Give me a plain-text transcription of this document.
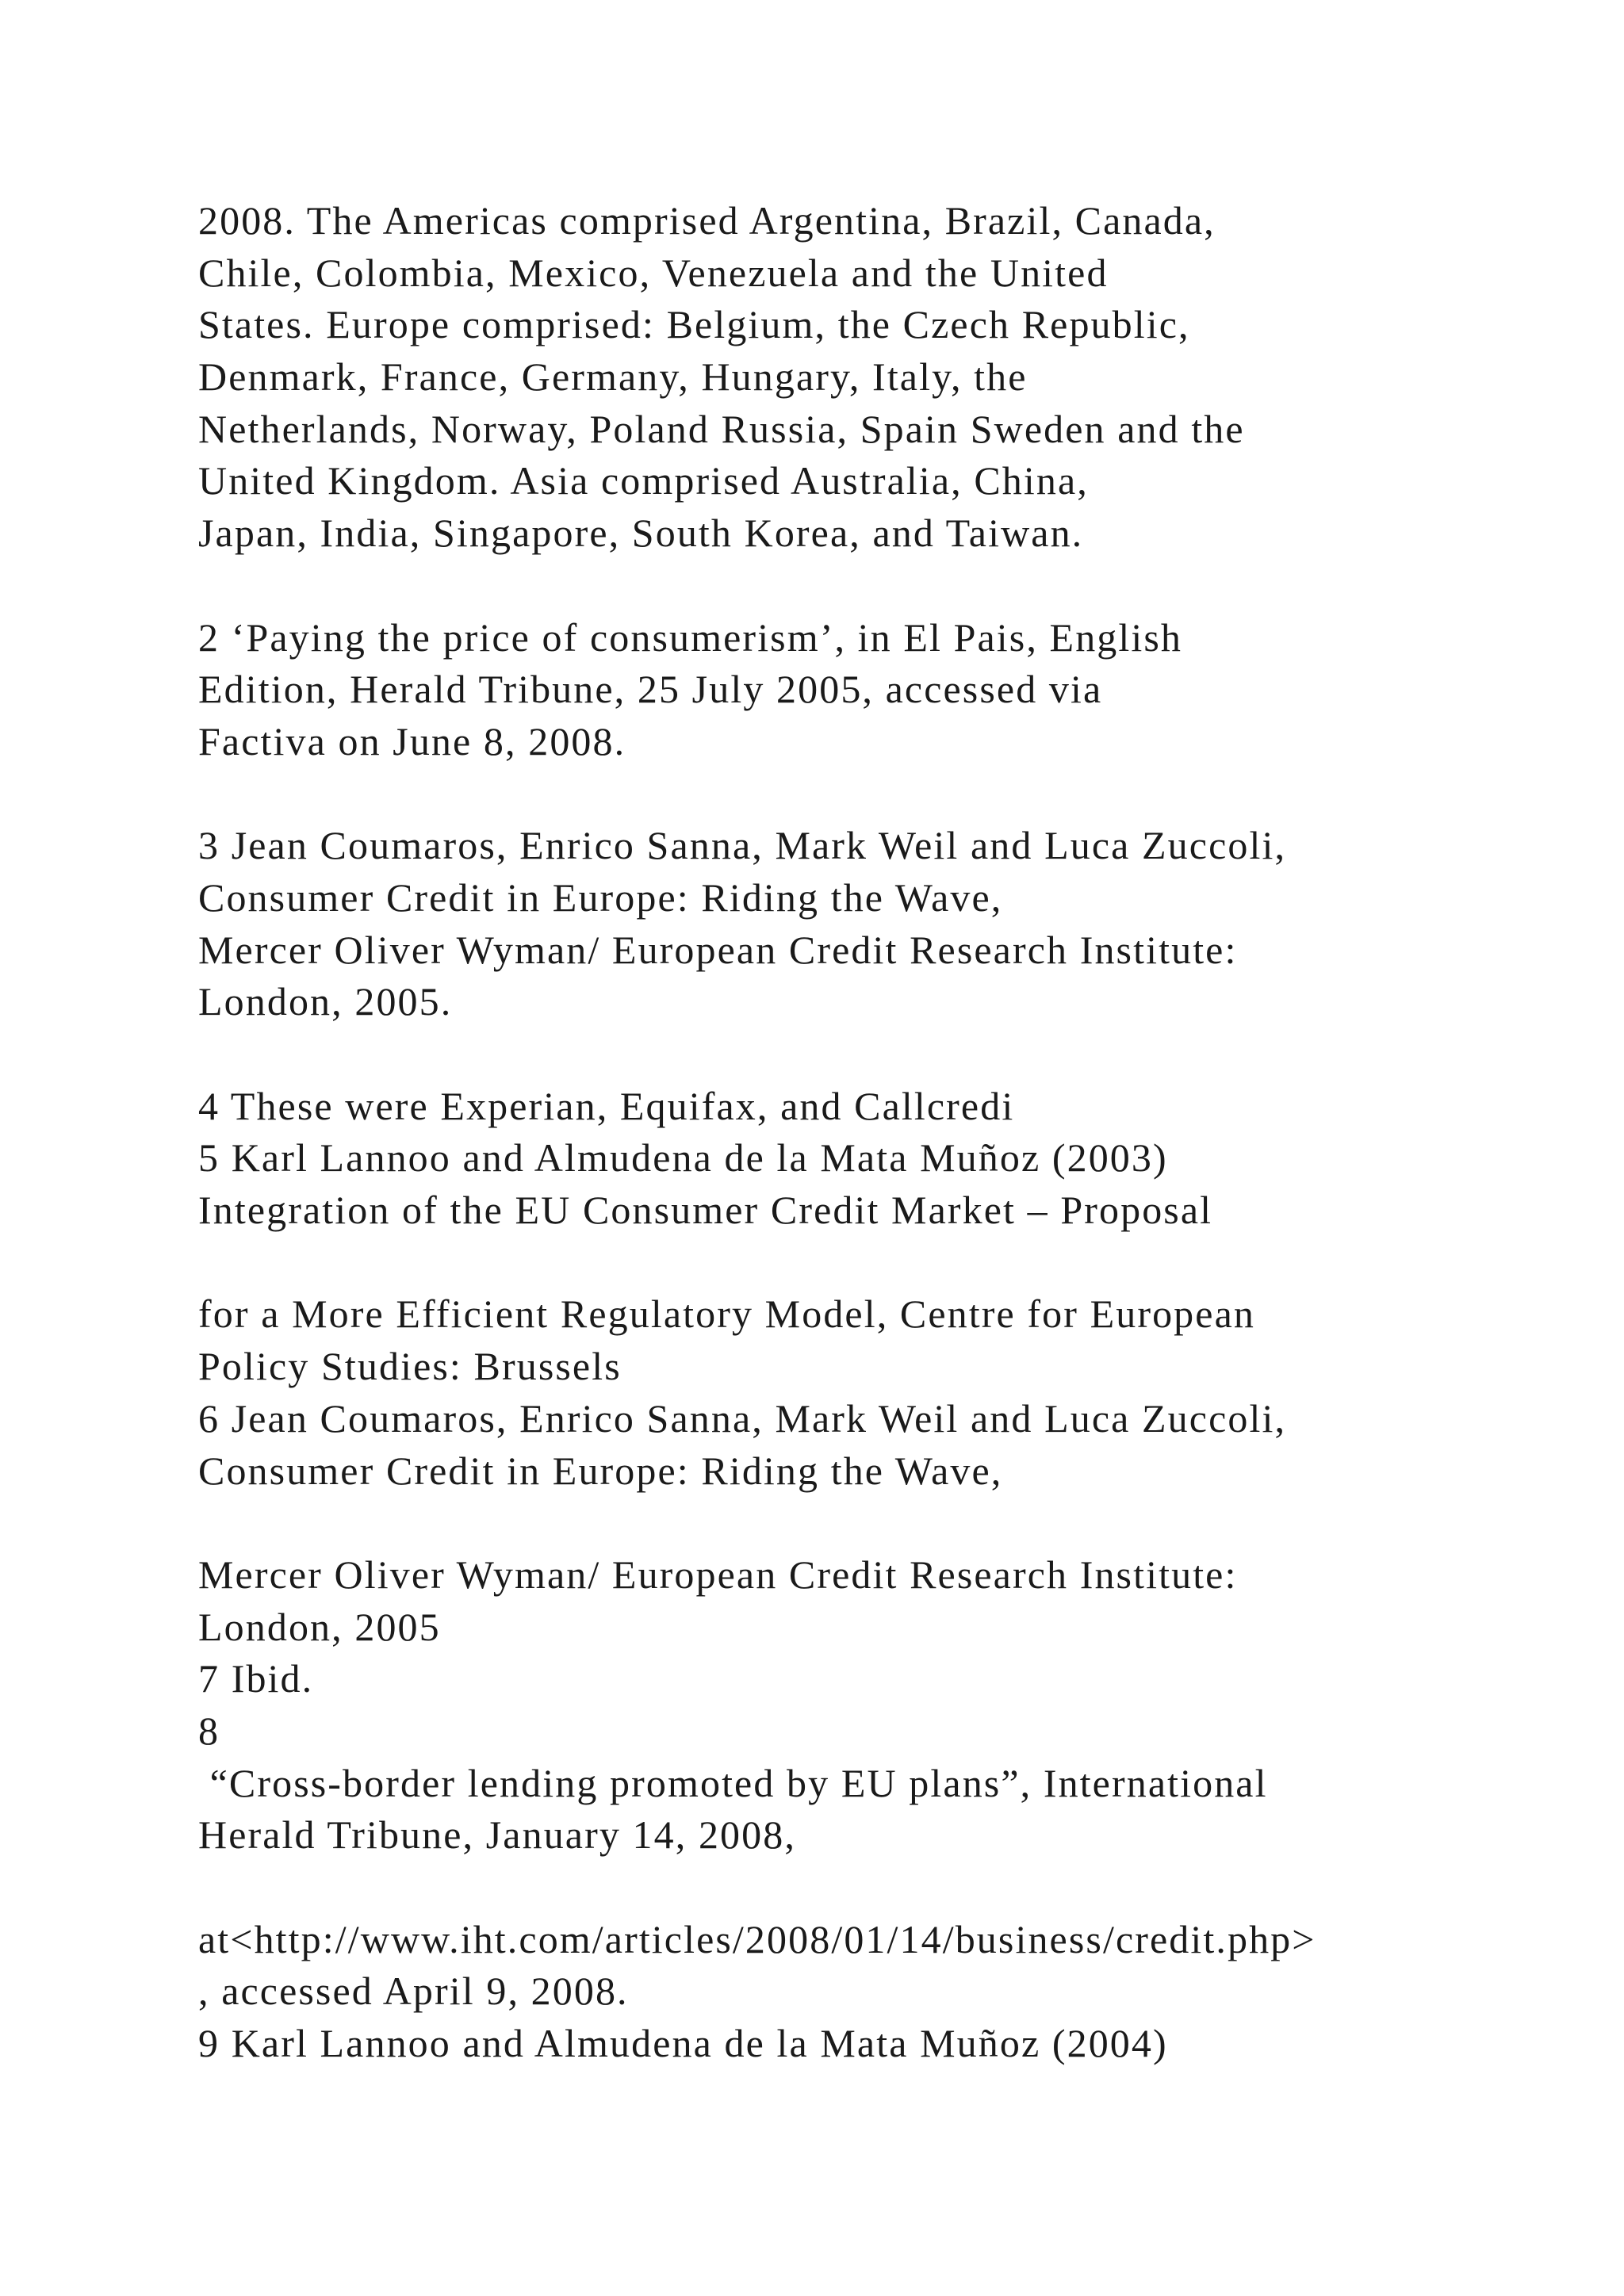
2008. The Americas comprised Argentina, Brazil, Canada,
Chile, Colombia, Mexico, Venezuela and the United
States. Europe comprised: Belgium, the Czech Republic,
Denmark, France, Germany, Hungary, Italy, the
Netherlands, Norway, Poland Russia, Spain Sweden and the
United Kingdom. Asia comprised Australia, China,
Japan, India, Singapore, South Korea, and Taiwan.
2 ‘Paying the price of consumerism’, in El Pais, English
Edition, Herald Tribune, 25 July 2005, accessed via
Factiva on June 8, 2008.
3 Jean Coumaros, Enrico Sanna, Mark Weil and Luca Zuccoli,
Consumer Credit in Europe: Riding the Wave,
Mercer Oliver Wyman/ European Credit Research Institute:
London, 2005.
4 These were Experian, Equifax, and Callcredi
5 Karl Lannoo and Almudena de la Mata Muñoz (2003)
Integration of the EU Consumer Credit Market – Proposal
for a More Efficient Regulatory Model, Centre for European
Policy Studies: Brussels
6 Jean Coumaros, Enrico Sanna, Mark Weil and Luca Zuccoli,
Consumer Credit in Europe: Riding the Wave,
Mercer Oliver Wyman/ European Credit Research Institute:
London, 2005
7 Ibid.
8
“Cross-border lending promoted by EU plans”, International
Herald Tribune, January 14, 2008,
at<http://www.iht.com/articles/2008/01/14/business/credit.php>
, accessed April 9, 2008.
9 Karl Lannoo and Almudena de la Mata Muñoz (2004)
